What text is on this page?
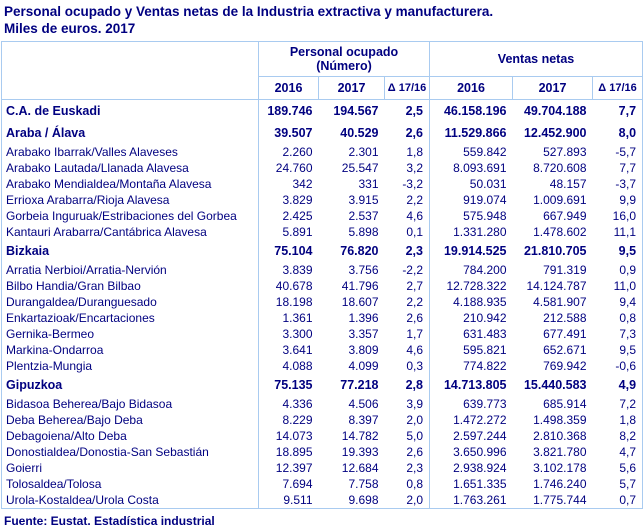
Personal ocupado y Ventas netas de la Industria extractiva y manufacturera.
Miles de euros. 2017
	Personal ocupado (Número)			Ventas netas		
	2016	2017	Δ 17/16	2016	2017	Δ 17/16
C.A. de Euskadi	189.746	194.567	2,5	46.158.196	49.704.188	7,7
Araba / Álava	39.507	40.529	2,6	11.529.866	12.452.900	8,0
Arabako Ibarrak/Valles Alaveses	2.260	2.301	1,8	559.842	527.893	-5,7
Arabako Lautada/Llanada Alavesa	24.760	25.547	3,2	8.093.691	8.720.608	7,7
Arabako Mendialdea/Montaña Alavesa	342	331	-3,2	50.031	48.157	-3,7
Errioxa Arabarra/Rioja Alavesa	3.829	3.915	2,2	919.074	1.009.691	9,9
Gorbeia Inguruak/Estribaciones del Gorbea	2.425	2.537	4,6	575.948	667.949	16,0
Kantauri Arabarra/Cantábrica Alavesa	5.891	5.898	0,1	1.331.280	1.478.602	11,1
Bizkaia	75.104	76.820	2,3	19.914.525	21.810.705	9,5
Arratia Nerbioi/Arratia-Nervión	3.839	3.756	-2,2	784.200	791.319	0,9
Bilbo Handia/Gran Bilbao	40.678	41.796	2,7	12.728.322	14.124.787	11,0
Durangaldea/Duranguesado	18.198	18.607	2,2	4.188.935	4.581.907	9,4
Enkartazioak/Encartaciones	1.361	1.396	2,6	210.942	212.588	0,8
Gernika-Bermeo	3.300	3.357	1,7	631.483	677.491	7,3
Markina-Ondarroa	3.641	3.809	4,6	595.821	652.671	9,5
Plentzia-Mungia	4.088	4.099	0,3	774.822	769.942	-0,6
Gipuzkoa	75.135	77.218	2,8	14.713.805	15.440.583	4,9
Bidasoa Beherea/Bajo Bidasoa	4.336	4.506	3,9	639.773	685.914	7,2
Deba Beherea/Bajo Deba	8.229	8.397	2,0	1.472.272	1.498.359	1,8
Debagoiena/Alto Deba	14.073	14.782	5,0	2.597.244	2.810.368	8,2
Donostialdea/Donostia-San Sebastián	18.895	19.393	2,6	3.650.996	3.821.780	4,7
Goierri	12.397	12.684	2,3	2.938.924	3.102.178	5,6
Tolosaldea/Tolosa	7.694	7.758	0,8	1.651.335	1.746.240	5,7
Urola-Kostaldea/Urola Costa	9.511	9.698	2,0	1.763.261	1.775.744	0,7
Fuente: Eustat. Estadística industrial
